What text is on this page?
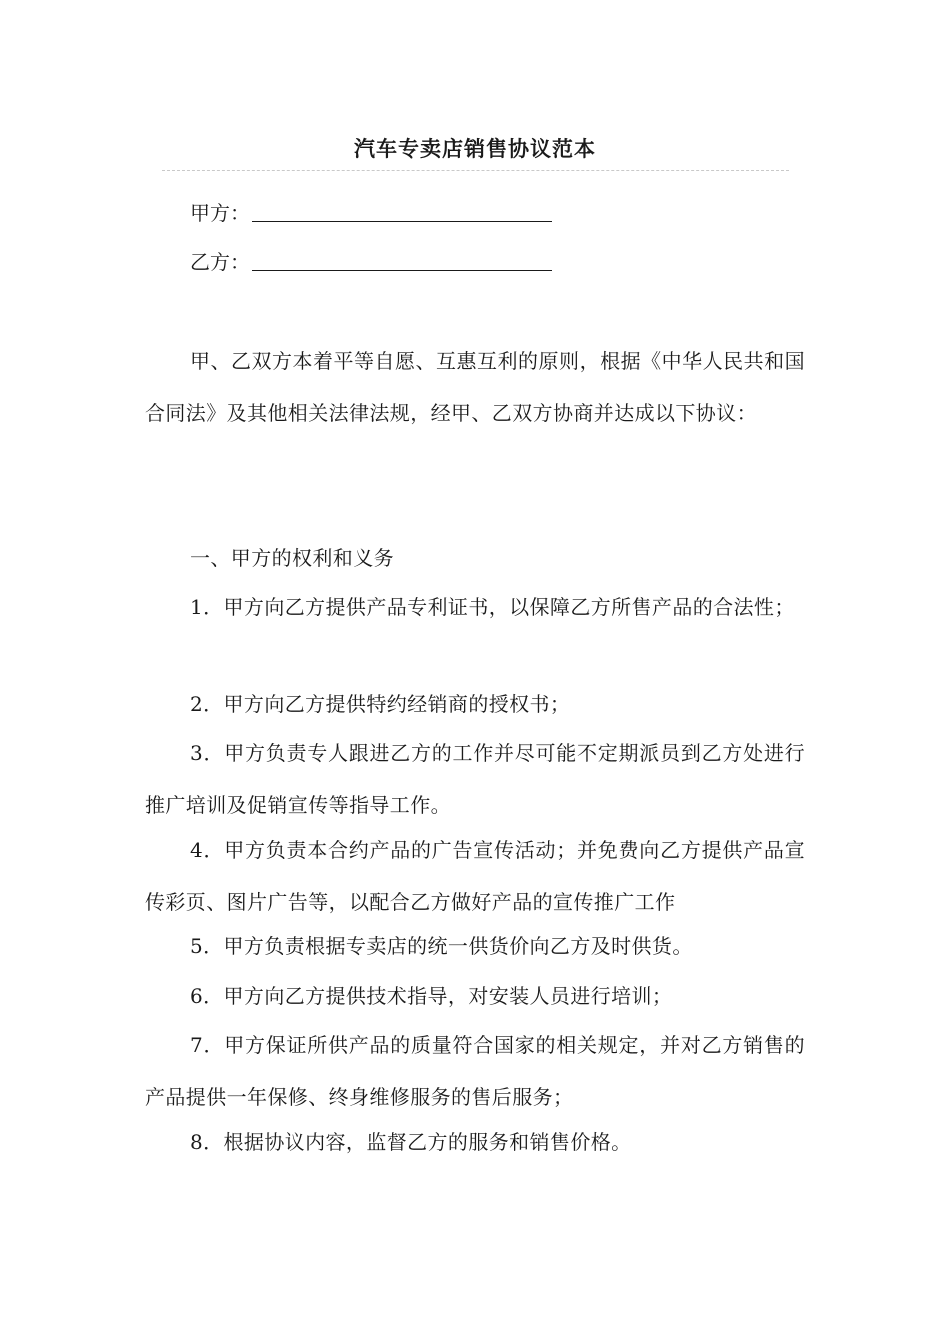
汽车专卖店销售协议范本
甲方：
乙方：

甲、乙双方本着平等自愿、互惠互利的原则，根据《中华人民共和国合同法》及其他相关法律法规，经甲、乙双方协商并达成以下协议：

一、甲方的权利和义务

1．甲方向乙方提供产品专利证书，以保障乙方所售产品的合法性；

2．甲方向乙方提供特约经销商的授权书；

3．甲方负责专人跟进乙方的工作并尽可能不定期派员到乙方处进行推广培训及促销宣传等指导工作。

4．甲方负责本合约产品的广告宣传活动；并免费向乙方提供产品宣传彩页、图片广告等，以配合乙方做好产品的宣传推广工作

5．甲方负责根据专卖店的统一供货价向乙方及时供货。

6．甲方向乙方提供技术指导，对安装人员进行培训；

7．甲方保证所供产品的质量符合国家的相关规定，并对乙方销售的产品提供一年保修、终身维修服务的售后服务；

8．根据协议内容，监督乙方的服务和销售价格。
